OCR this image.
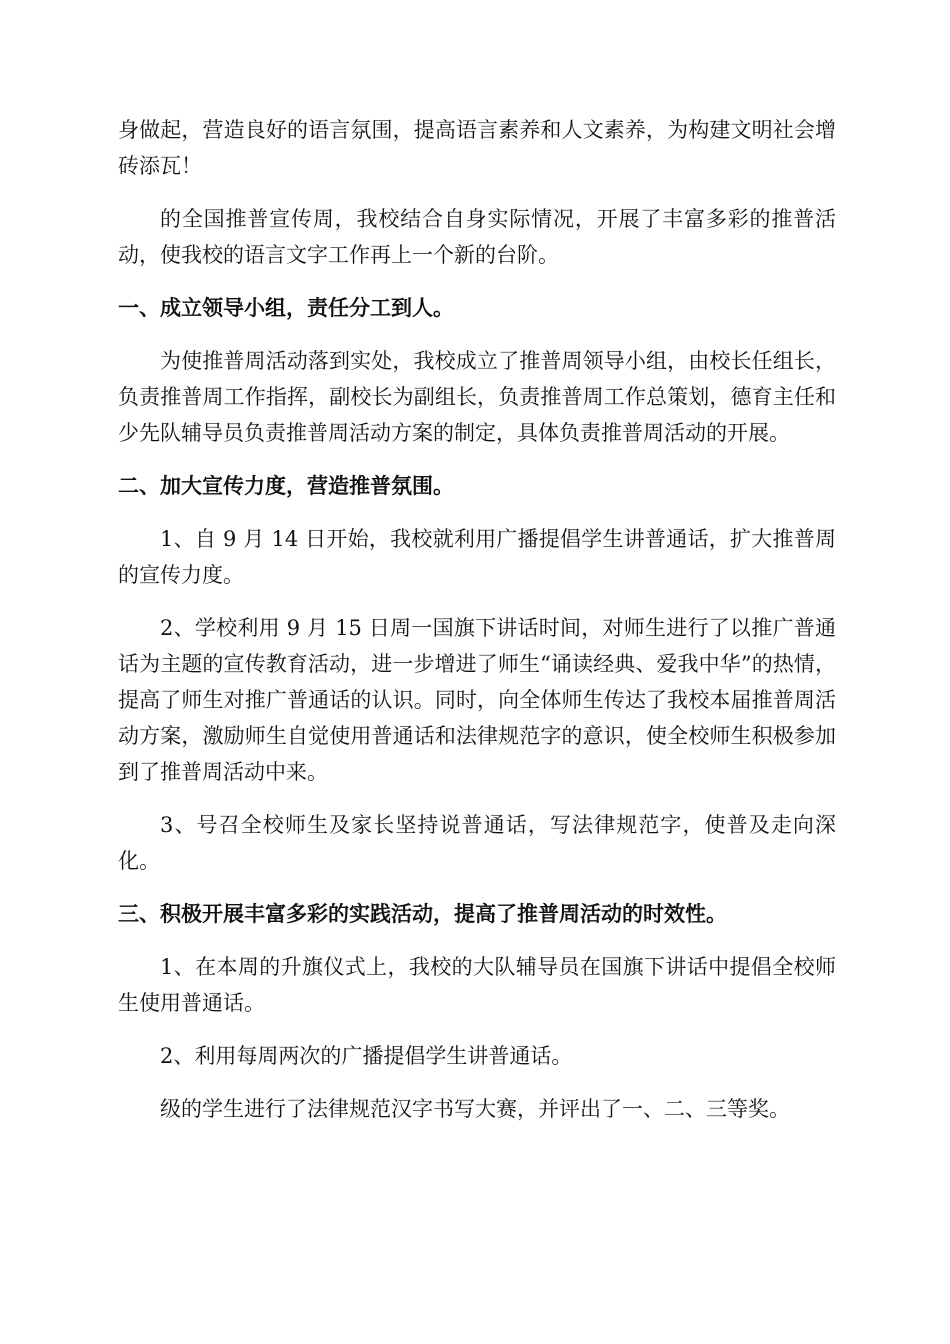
身做起，营造良好的语言氛围，提高语言素养和人文素养，为构建文明社会增砖添瓦！

的全国推普宣传周，我校结合自身实际情况，开展了丰富多彩的推普活动，使我校的语言文字工作再上一个新的台阶。

一、成立领导小组，责任分工到人。

为使推普周活动落到实处，我校成立了推普周领导小组，由校长任组长，负责推普周工作指挥，副校长为副组长，负责推普周工作总策划，德育主任和少先队辅导员负责推普周活动方案的制定，具体负责推普周活动的开展。

二、加大宣传力度，营造推普氛围。

1、自 9 月 14 日开始，我校就利用广播提倡学生讲普通话，扩大推普周的宣传力度。

2、学校利用 9 月 15 日周一国旗下讲话时间，对师生进行了以推广普通话为主题的宣传教育活动，进一步增进了师生“诵读经典、爱我中华”的热情，提高了师生对推广普通话的认识。同时，向全体师生传达了我校本届推普周活动方案，激励师生自觉使用普通话和法律规范字的意识，使全校师生积极参加到了推普周活动中来。

3、号召全校师生及家长坚持说普通话，写法律规范字，使普及走向深化。

三、积极开展丰富多彩的实践活动，提高了推普周活动的时效性。

1、在本周的升旗仪式上，我校的大队辅导员在国旗下讲话中提倡全校师生使用普通话。

2、利用每周两次的广播提倡学生讲普通话。

级的学生进行了法律规范汉字书写大赛，并评出了一、二、三等奖。
